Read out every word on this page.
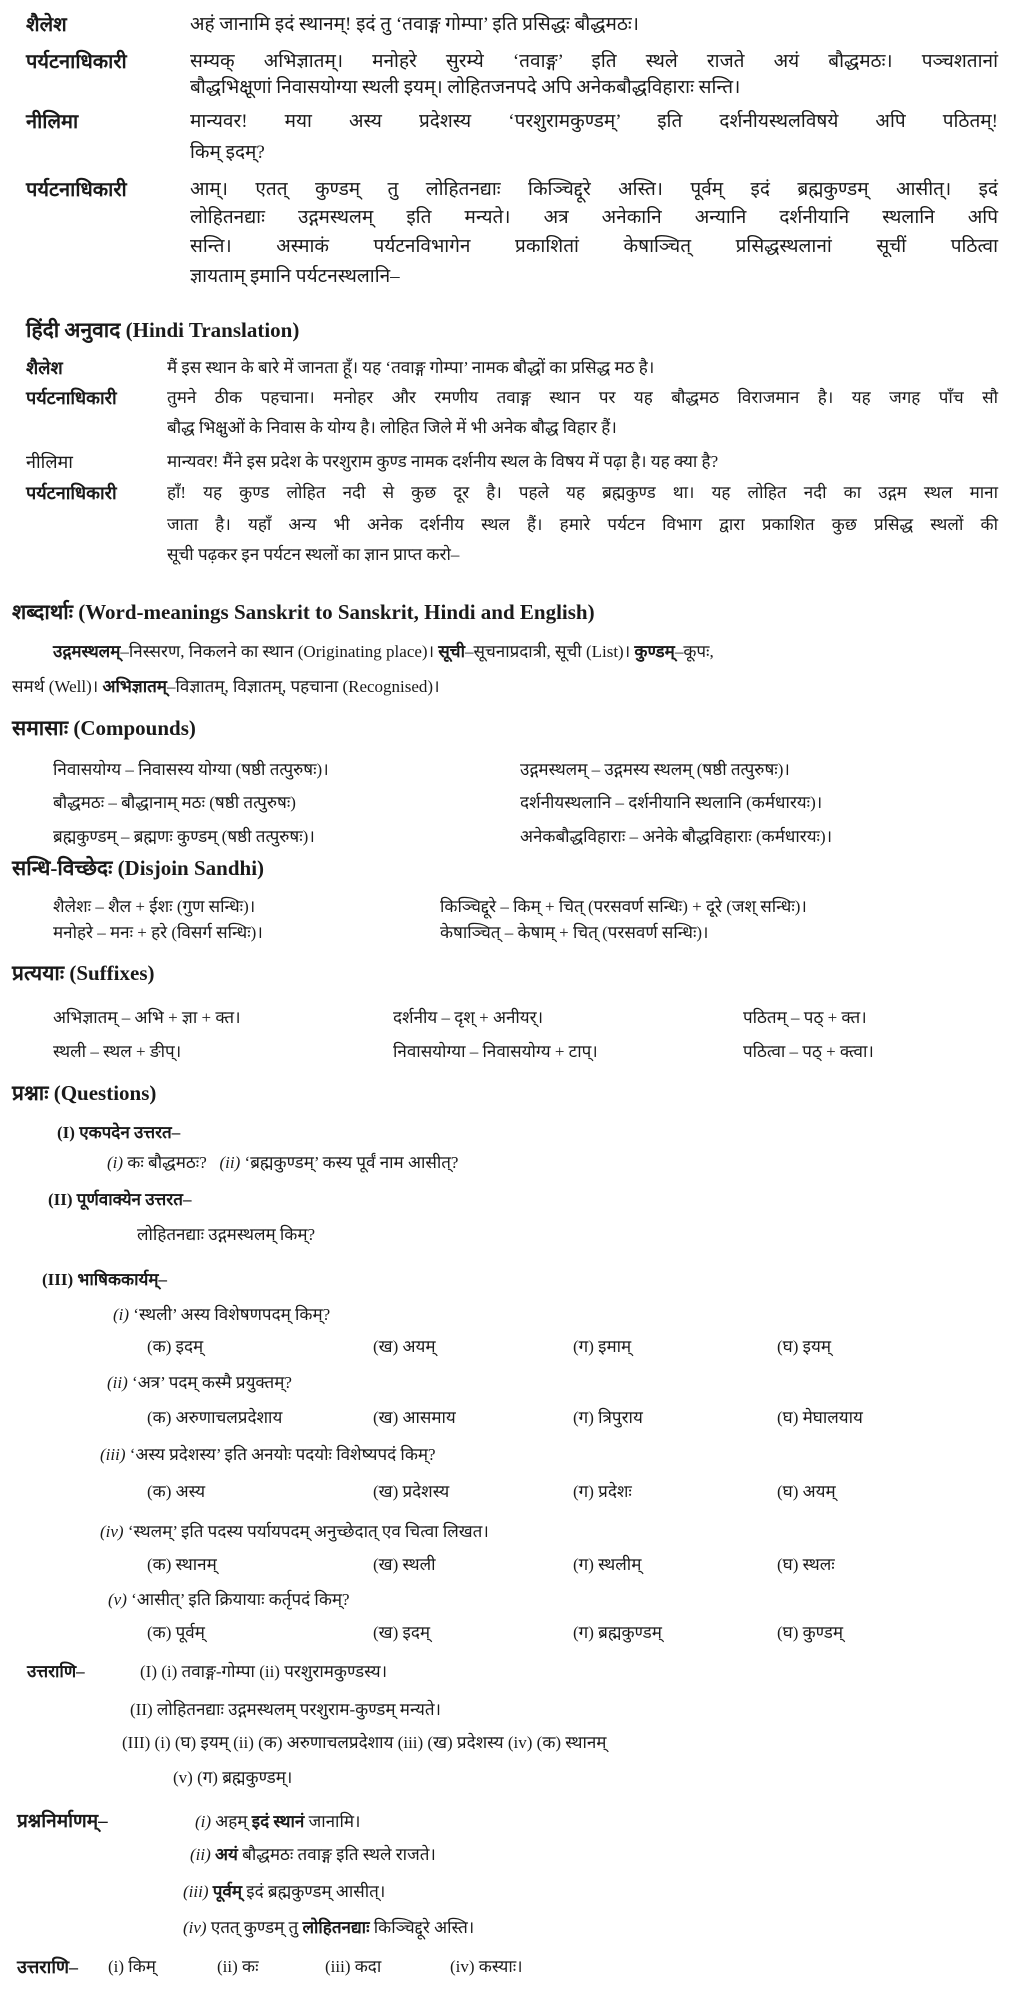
शैलेश	अहं जानामि इदं स्थानम्! इदं तु ‘तवाङ्ग गोम्पा’ इति प्रसिद्धः बौद्धमठः।
पर्यटनाधिकारी	सम्यक् अभिज्ञातम्। मनोहरे सुरम्ये ‘तवाङ्ग’ इति स्थले राजते अयं बौद्धमठः। पञ्चशतानां
बौद्धभिक्षूणां निवासयोग्या स्थली इयम्। लोहितजनपदे अपि अनेकबौद्धविहाराः सन्ति।
नीलिमा	मान्यवर! मया अस्य प्रदेशस्य ‘परशुरामकुण्डम्’ इति दर्शनीयस्थलविषये अपि पठितम्!
किम् इदम्?
पर्यटनाधिकारी	आम्। एतत् कुण्डम् तु लोहितनद्याः किञ्चिद्दूरे अस्ति। पूर्वम् इदं ब्रह्मकुण्डम् आसीत्। इदं
लोहितनद्याः उद्गमस्थलम् इति मन्यते। अत्र अनेकानि अन्यानि दर्शनीयानि स्थलानि अपि
सन्ति। अस्माकं पर्यटनविभागेन प्रकाशितां केषाञ्चित् प्रसिद्धस्थलानां सूचीं पठित्वा
ज्ञायताम् इमानि पर्यटनस्थलानि–
हिंदी अनुवाद (Hindi Translation)
शैलेश	मैं इस स्थान के बारे में जानता हूँ। यह ‘तवाङ्ग गोम्पा’ नामक बौद्धों का प्रसिद्ध मठ है।
पर्यटनाधिकारी	तुमने ठीक पहचाना। मनोहर और रमणीय तवाङ्ग स्थान पर यह बौद्धमठ विराजमान है। यह जगह पाँच सौ
बौद्ध भिक्षुओं के निवास के योग्य है। लोहित जिले में भी अनेक बौद्ध विहार हैं।
नीलिमा	मान्यवर! मैंने इस प्रदेश के परशुराम कुण्ड नामक दर्शनीय स्थल के विषय में पढ़ा है। यह क्या है?
पर्यटनाधिकारी	हाँ! यह कुण्ड लोहित नदी से कुछ दूर है। पहले यह ब्रह्मकुण्ड था। यह लोहित नदी का उद्गम स्थल माना
जाता है। यहाँ अन्य भी अनेक दर्शनीय स्थल हैं। हमारे पर्यटन विभाग द्वारा प्रकाशित कुछ प्रसिद्ध स्थलों की
सूची पढ़कर इन पर्यटन स्थलों का ज्ञान प्राप्त करो–
शब्दार्थाः (Word-meanings Sanskrit to Sanskrit, Hindi and English)
उद्गमस्थलम्–निस्सरण, निकलने का स्थान (Originating place)। सूची–सूचनाप्रदात्री, सूची (List)। कुण्डम्–कूपः,
समर्थ (Well)। अभिज्ञातम्–विज्ञातम्, विज्ञातम्, पहचाना (Recognised)।
समासाः (Compounds)
निवासयोग्य – निवासस्य योग्या (षष्ठी तत्पुरुषः)।	उद्गमस्थलम् – उद्गमस्य स्थलम् (षष्ठी तत्पुरुषः)।
बौद्धमठः – बौद्धानाम् मठः (षष्ठी तत्पुरुषः)	दर्शनीयस्थलानि – दर्शनीयानि स्थलानि (कर्मधारयः)।
ब्रह्मकुण्डम् – ब्रह्मणः कुण्डम् (षष्ठी तत्पुरुषः)।	अनेकबौद्धविहाराः – अनेके बौद्धविहाराः (कर्मधारयः)।
सन्धि-विच्छेदः (Disjoin Sandhi)
शैलेशः – शैल + ईशः (गुण सन्धिः)।	किञ्चिद्दूरे – किम् + चित् (परसवर्ण सन्धिः) + दूरे (जश् सन्धिः)।
मनोहरे – मनः + हरे (विसर्ग सन्धिः)।	केषाञ्चित् – केषाम् + चित् (परसवर्ण सन्धिः)।
प्रत्ययाः (Suffixes)
अभिज्ञातम् – अभि + ज्ञा + क्त।	दर्शनीय – दृश् + अनीयर्।	पठितम् – पठ् + क्त।
स्थली – स्थल + ङीप्।	निवासयोग्या – निवासयोग्य + टाप्।	पठित्वा – पठ् + क्त्वा।
प्रश्नाः (Questions)
(I) एकपदेन उत्तरत–
(i) कः बौद्धमठः? (ii) ‘ब्रह्मकुण्डम्’ कस्य पूर्वं नाम आसीत्?
(II) पूर्णवाक्येन उत्तरत–
लोहितनद्याः उद्गमस्थलम् किम्?
(III) भाषिककार्यम्–
(i) ‘स्थली’ अस्य विशेषणपदम् किम्?
(क) इदम्	(ख) अयम्	(ग) इमाम्	(घ) इयम्
(ii) ‘अत्र’ पदम् कस्मै प्रयुक्तम्?
(क) अरुणाचलप्रदेशाय	(ख) आसमाय	(ग) त्रिपुराय	(घ) मेघालयाय
(iii) ‘अस्य प्रदेशस्य’ इति अनयोः पदयोः विशेष्यपदं किम्?
(क) अस्य	(ख) प्रदेशस्य	(ग) प्रदेशः	(घ) अयम्
(iv) ‘स्थलम्’ इति पदस्य पर्यायपदम् अनुच्छेदात् एव चित्वा लिखत।
(क) स्थानम्	(ख) स्थली	(ग) स्थलीम्	(घ) स्थलः
(v) ‘आसीत्’ इति क्रियायाः कर्तृपदं किम्?
(क) पूर्वम्	(ख) इदम्	(ग) ब्रह्मकुण्डम्	(घ) कुण्डम्
उत्तराणि–	(I) (i) तवाङ्ग-गोम्पा (ii) परशुरामकुण्डस्य।
(II) लोहितनद्याः उद्गमस्थलम् परशुराम-कुण्डम् मन्यते।
(III) (i) (घ) इयम् (ii) (क) अरुणाचलप्रदेशाय (iii) (ख) प्रदेशस्य (iv) (क) स्थानम्
(v) (ग) ब्रह्मकुण्डम्।
प्रश्ननिर्माणम्–	(i) अहम् इदं स्थानं जानामि।
(ii) अयं बौद्धमठः तवाङ्ग इति स्थले राजते।
(iii) पूर्वम् इदं ब्रह्मकुण्डम् आसीत्।
(iv) एतत् कुण्डम् तु लोहितनद्याः किञ्चिद्दूरे अस्ति।
उत्तराणि– (i) किम्	(ii) कः	(iii) कदा	(iv) कस्याः।
